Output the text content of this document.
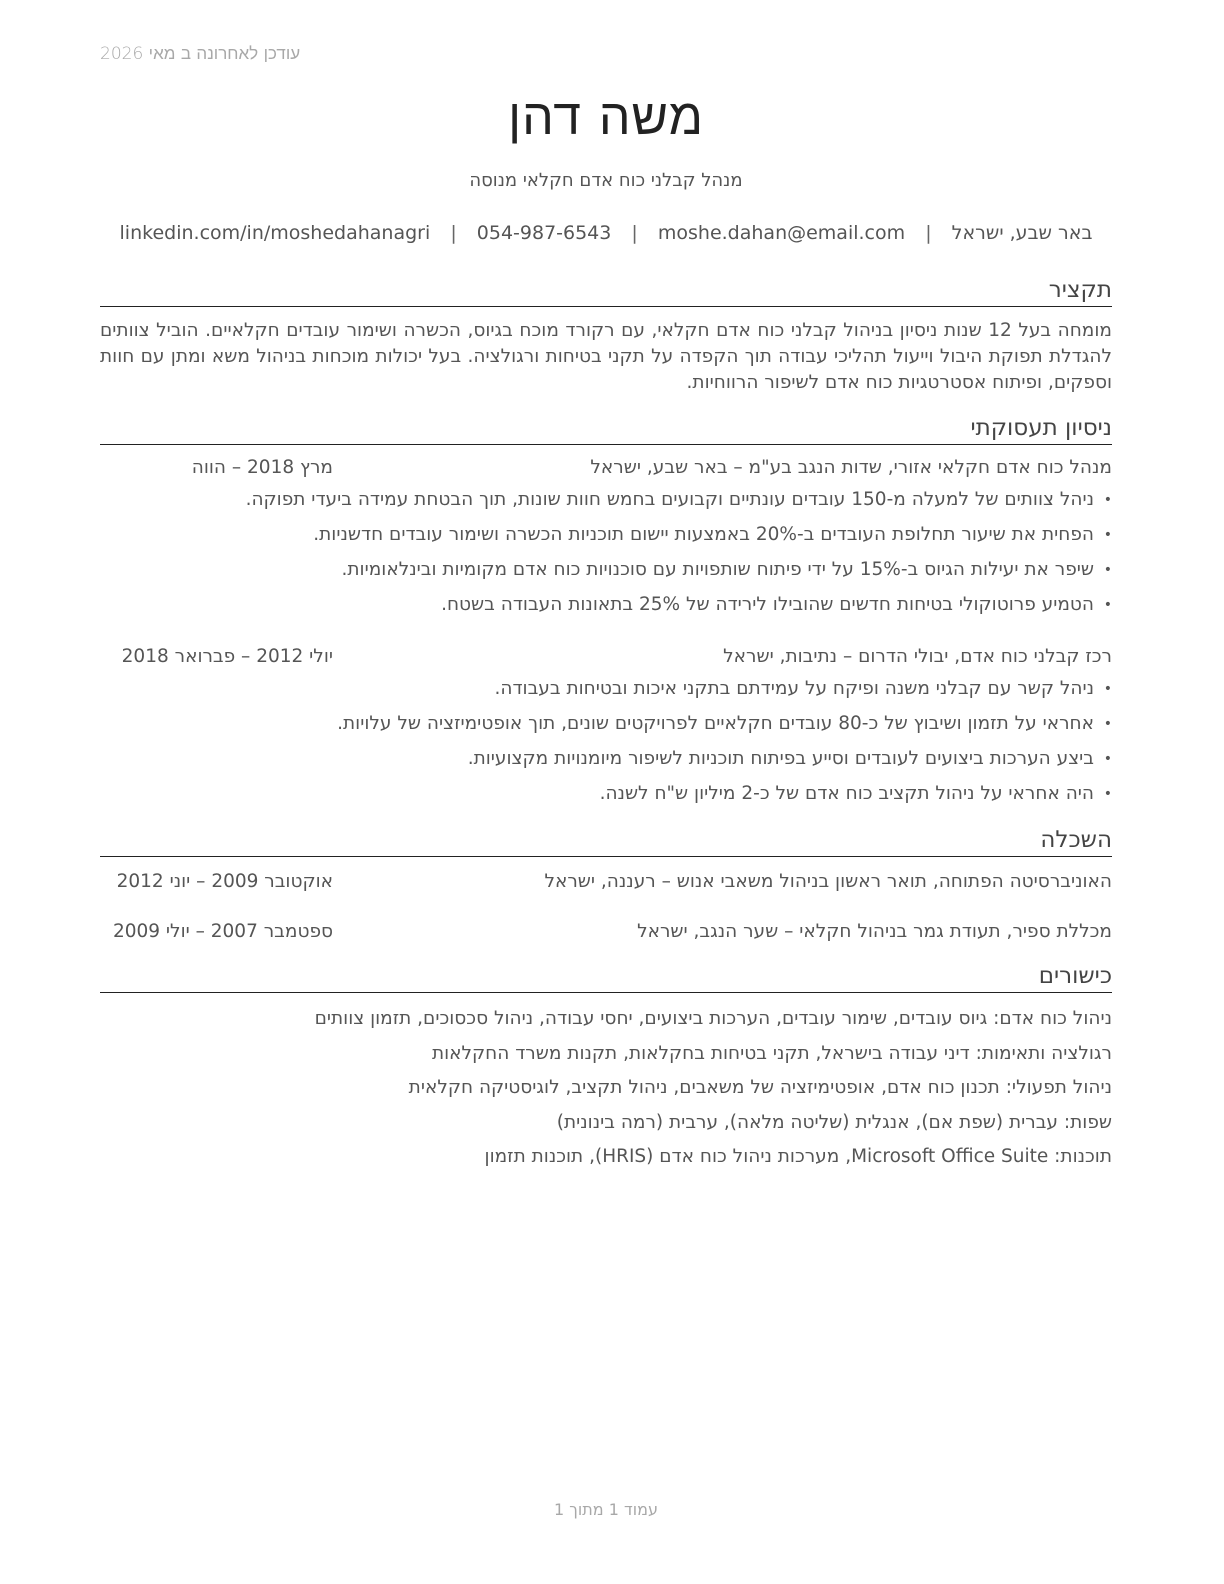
עודכן לאחרונה ב מאי 2026
משה דהן
מנהל קבלני כוח אדם חקלאי מנוסה
באר שבע, ישראל | moshe.dahan@email.com | 054-987-6543 | linkedin.com/in/moshedahanagri
תקציר
מומחה בעל 12 שנות ניסיון בניהול קבלני כוח אדם חקלאי, עם רקורד מוכח בגיוס, הכשרה ושימור עובדים חקלאיים. הוביל צוותים להגדלת תפוקת היבול וייעול תהליכי עבודה תוך הקפדה על תקני בטיחות ורגולציה. בעל יכולות מוכחות בניהול משא ומתן עם חוות וספקים, ופיתוח אסטרטגיות כוח אדם לשיפור הרווחיות.
ניסיון תעסוקתי
מנהל כוח אדם חקלאי אזורי, שדות הנגב בע"מ – באר שבע, ישראל
מרץ 2018 – הווה
• ניהל צוותים של למעלה מ-150 עובדים עונתיים וקבועים בחמש חוות שונות, תוך הבטחת עמידה ביעדי תפוקה.
• הפחית את שיעור תחלופת העובדים ב-20% באמצעות יישום תוכניות הכשרה ושימור עובדים חדשניות.
• שיפר את יעילות הגיוס ב-15% על ידי פיתוח שותפויות עם סוכנויות כוח אדם מקומיות ובינלאומיות.
• הטמיע פרוטוקולי בטיחות חדשים שהובילו לירידה של 25% בתאונות העבודה בשטח.
רכז קבלני כוח אדם, יבולי הדרום – נתיבות, ישראל
יולי 2012 – פברואר 2018
• ניהל קשר עם קבלני משנה ופיקח על עמידתם בתקני איכות ובטיחות בעבודה.
• אחראי על תזמון ושיבוץ של כ-80 עובדים חקלאיים לפרויקטים שונים, תוך אופטימיזציה של עלויות.
• ביצע הערכות ביצועים לעובדים וסייע בפיתוח תוכניות לשיפור מיומנויות מקצועיות.
• היה אחראי על ניהול תקציב כוח אדם של כ-2 מיליון ש"ח לשנה.
השכלה
האוניברסיטה הפתוחה, תואר ראשון בניהול משאבי אנוש – רעננה, ישראל
אוקטובר 2009 – יוני 2012
מכללת ספיר, תעודת גמר בניהול חקלאי – שער הנגב, ישראל
ספטמבר 2007 – יולי 2009
כישורים
ניהול כוח אדם: גיוס עובדים, שימור עובדים, הערכות ביצועים, יחסי עבודה, ניהול סכסוכים, תזמון צוותים
רגולציה ותאימות: דיני עבודה בישראל, תקני בטיחות בחקלאות, תקנות משרד החקלאות
ניהול תפעולי: תכנון כוח אדם, אופטימיזציה של משאבים, ניהול תקציב, לוגיסטיקה חקלאית
שפות: עברית (שפת אם), אנגלית (שליטה מלאה), ערבית (רמה בינונית)
תוכנות: Microsoft Office Suite, מערכות ניהול כוח אדם (HRIS), תוכנות תזמון
עמוד 1 מתוך 1
